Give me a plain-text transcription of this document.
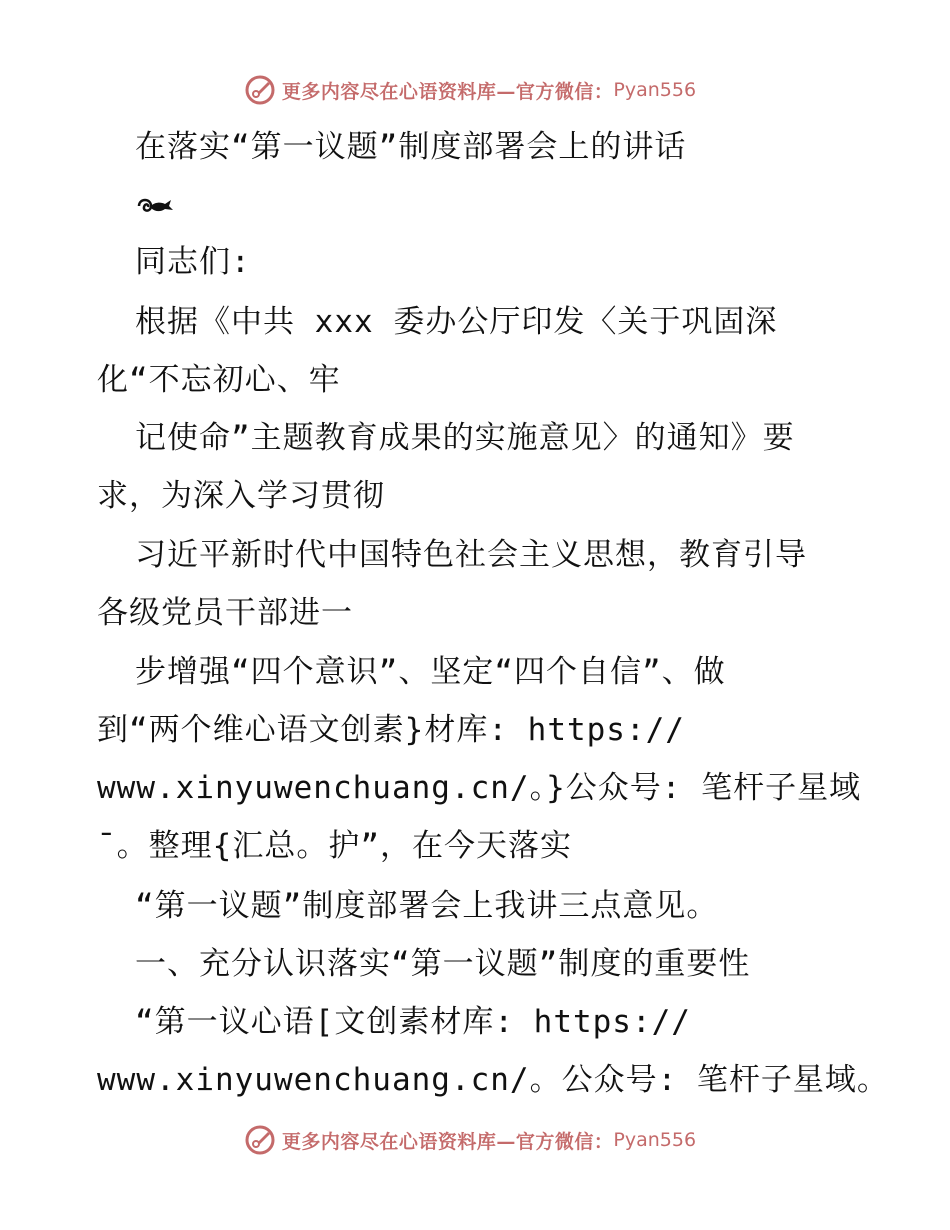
更多内容尽在心语资料库—官方微信： Pyan556
在落实“第一议题”制度部署会上的讲话
同志们:
根据《中共 xxx 委办公厅印发〈关于巩固深
化“不忘初心、牢
记使命”主题教育成果的实施意见〉的通知》要
求，为深入学习贯彻
习近平新时代中国特色社会主义思想，教育引导
各级党员干部进一
步增强“四个意识”、坚定“四个自信”、做
到“两个维心语文创素}材库: https://
www.xinyuwenchuang.cn/。}公众号: 笔杆子星域
ˉ。整理{汇总。护”，在今天落实
“第一议题”制度部署会上我讲三点意见。
一、充分认识落实“第一议题”制度的重要性
“第一议心语[文创素材库: https://
www.xinyuwenchuang.cn/。公众号: 笔杆子星域。
更多内容尽在心语资料库—官方微信： Pyan556
